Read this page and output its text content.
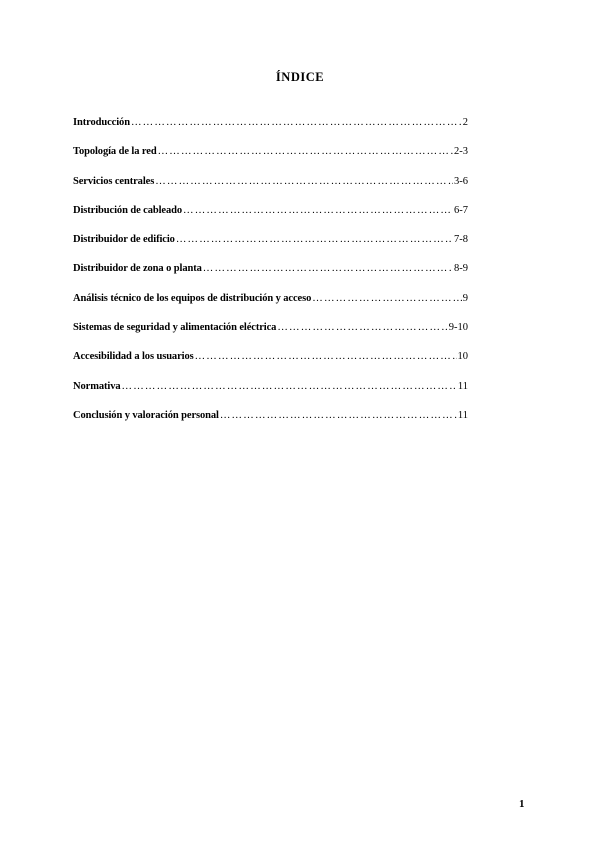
ÍNDICE
Introducción ……………………………………………………………………………………………………………………………………………………………………	2
Topología de la red ……………………………………………………………………………………………………………………………………………………………………	2-3
Servicios centrales ……………………………………………………………………………………………………………………………………………………………………	3-6
Distribución de cableado ……………………………………………………………………………………………………………………………………………………………………	6-7
Distribuidor de edificio ……………………………………………………………………………………………………………………………………………………………………	7-8
Distribuidor de zona o planta ……………………………………………………………………………………………………………………………………………………………………	8-9
Análisis técnico de los equipos de distribución y acceso ……………………………………………………………………………………………………………………………………………………………………	9
Sistemas de seguridad y alimentación eléctrica ……………………………………………………………………………………………………………………………………………………………………	9-10
Accesibilidad a los usuarios ……………………………………………………………………………………………………………………………………………………………………	10
Normativa ……………………………………………………………………………………………………………………………………………………………………	11
Conclusión y valoración personal ……………………………………………………………………………………………………………………………………………………………………	11
1
